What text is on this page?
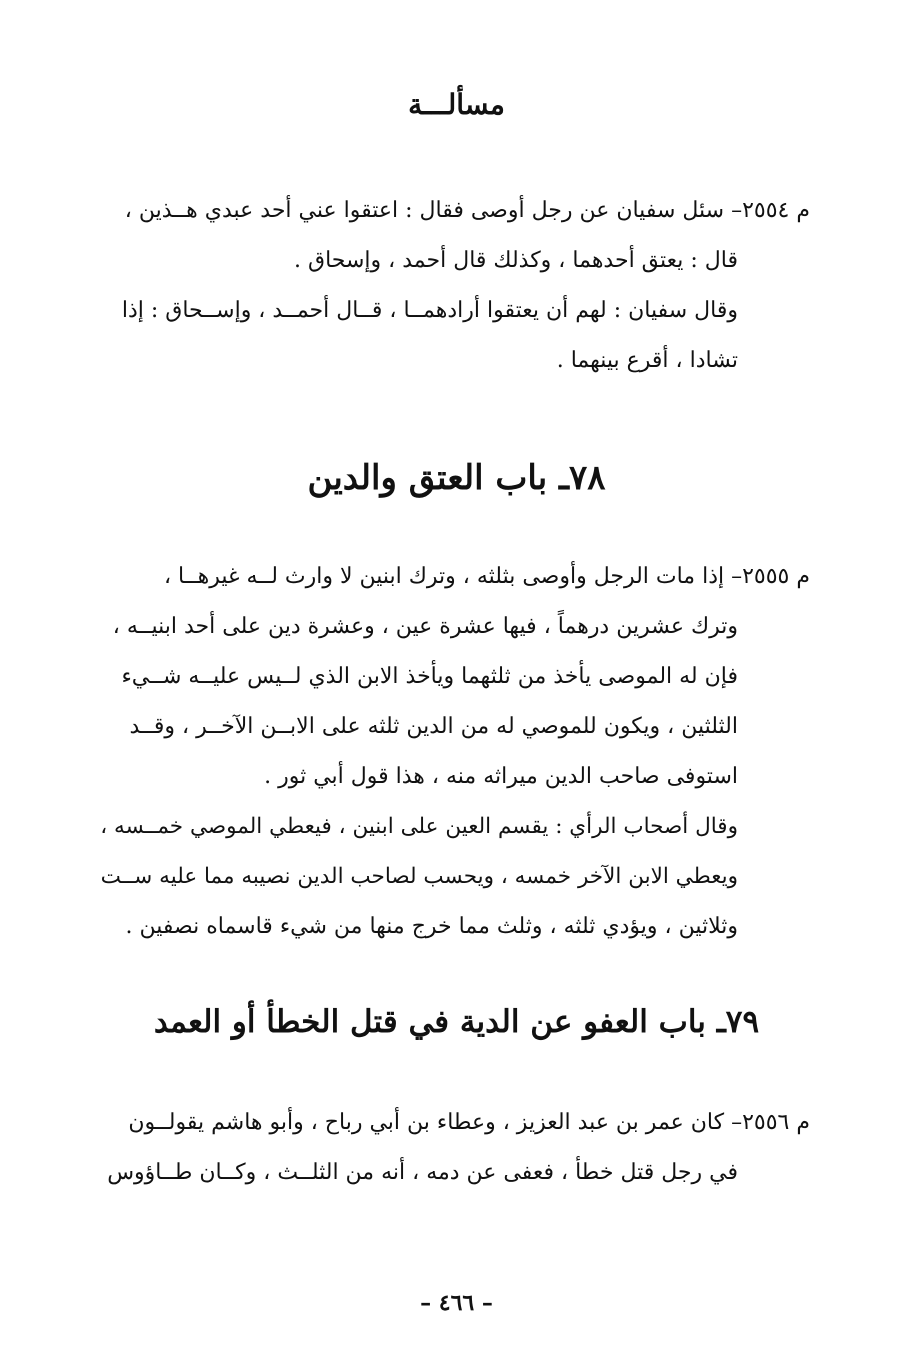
مسألـــة
م ٢٥٥٤– سئل سفيان عن رجل أوصى فقال : اعتقوا عني أحد عبدي هــذين ،
قال : يعتق أحدهما ، وكذلك قال أحمد ، وإسحاق .
وقال سفيان : لهم أن يعتقوا أرادهمــا ، قــال أحمــد ، وإســحاق : إذا
تشادا ، أقرع بينهما .
٧٨ـ باب العتق والدين
م ٢٥٥٥– إذا مات الرجل وأوصى بثلثه ، وترك ابنين لا وارث لــه غيرهــا ،
وترك عشرين درهماً ، فيها عشرة عين ، وعشرة دين على أحد ابنيــه ،
فإن له الموصى يأخذ من ثلثهما ويأخذ الابن الذي لــيس عليــه شــيء
الثلثين ، ويكون للموصي له من الدين ثلثه على الابــن الآخــر ، وقــد
استوفى صاحب الدين ميراثه منه ، هذا قول أبي ثور .
وقال أصحاب الرأي : يقسم العين على ابنين ، فيعطي الموصي خمــسه ،
ويعطي الابن الآخر خمسه ، ويحسب لصاحب الدين نصيبه مما عليه ســت
وثلاثين ، ويؤدي ثلثه ، وثلث مما خرج منها من شيء قاسماه نصفين .
٧٩ـ باب العفو عن الدية في قتل الخطأ أو العمد
م ٢٥٥٦– كان عمر بن عبد العزيز ، وعطاء بن أبي رباح ، وأبو هاشم يقولــون
في رجل قتل خطأ ، فعفى عن دمه ، أنه من الثلــث ، وكــان طــاؤوس
– ٤٦٦ –
